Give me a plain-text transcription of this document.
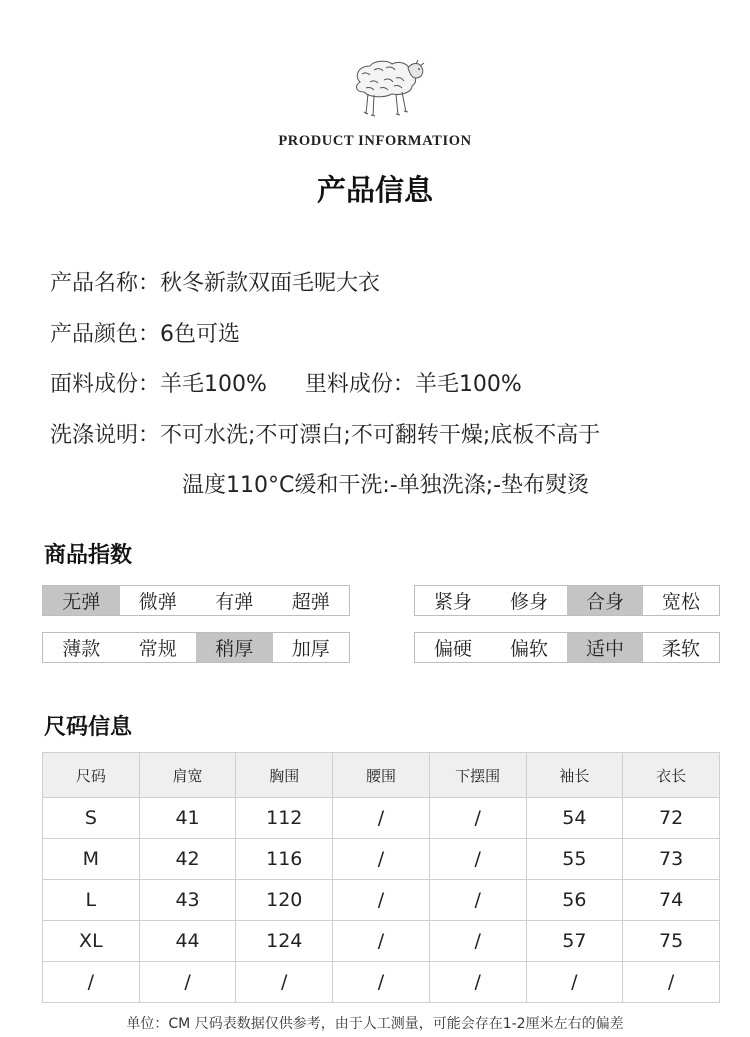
PRODUCT INFORMATION
产品信息
产品名称：秋冬新款双面毛呢大衣
产品颜色：6色可选
面料成份：羊毛100% 里料成份：羊毛100%
洗涤说明：不可水洗;不可漂白;不可翻转干燥;底板不高于
温度110°C缓和干洗:-单独洗涤;-垫布熨烫
商品指数
无弹	微弹	有弹	超弹	紧身	修身	合身	宽松
薄款	常规	稍厚	加厚	偏硬	偏软	适中	柔软
尺码信息
尺码	肩宽	胸围	腰围	下摆围	袖长	衣长
S	41	112	/	/	54	72
M	42	116	/	/	55	73
L	43	120	/	/	56	74
XL	44	124	/	/	57	75
/	/	/	/	/	/	/
单位：CM 尺码表数据仅供参考，由于人工测量，可能会存在1-2厘米左右的偏差
